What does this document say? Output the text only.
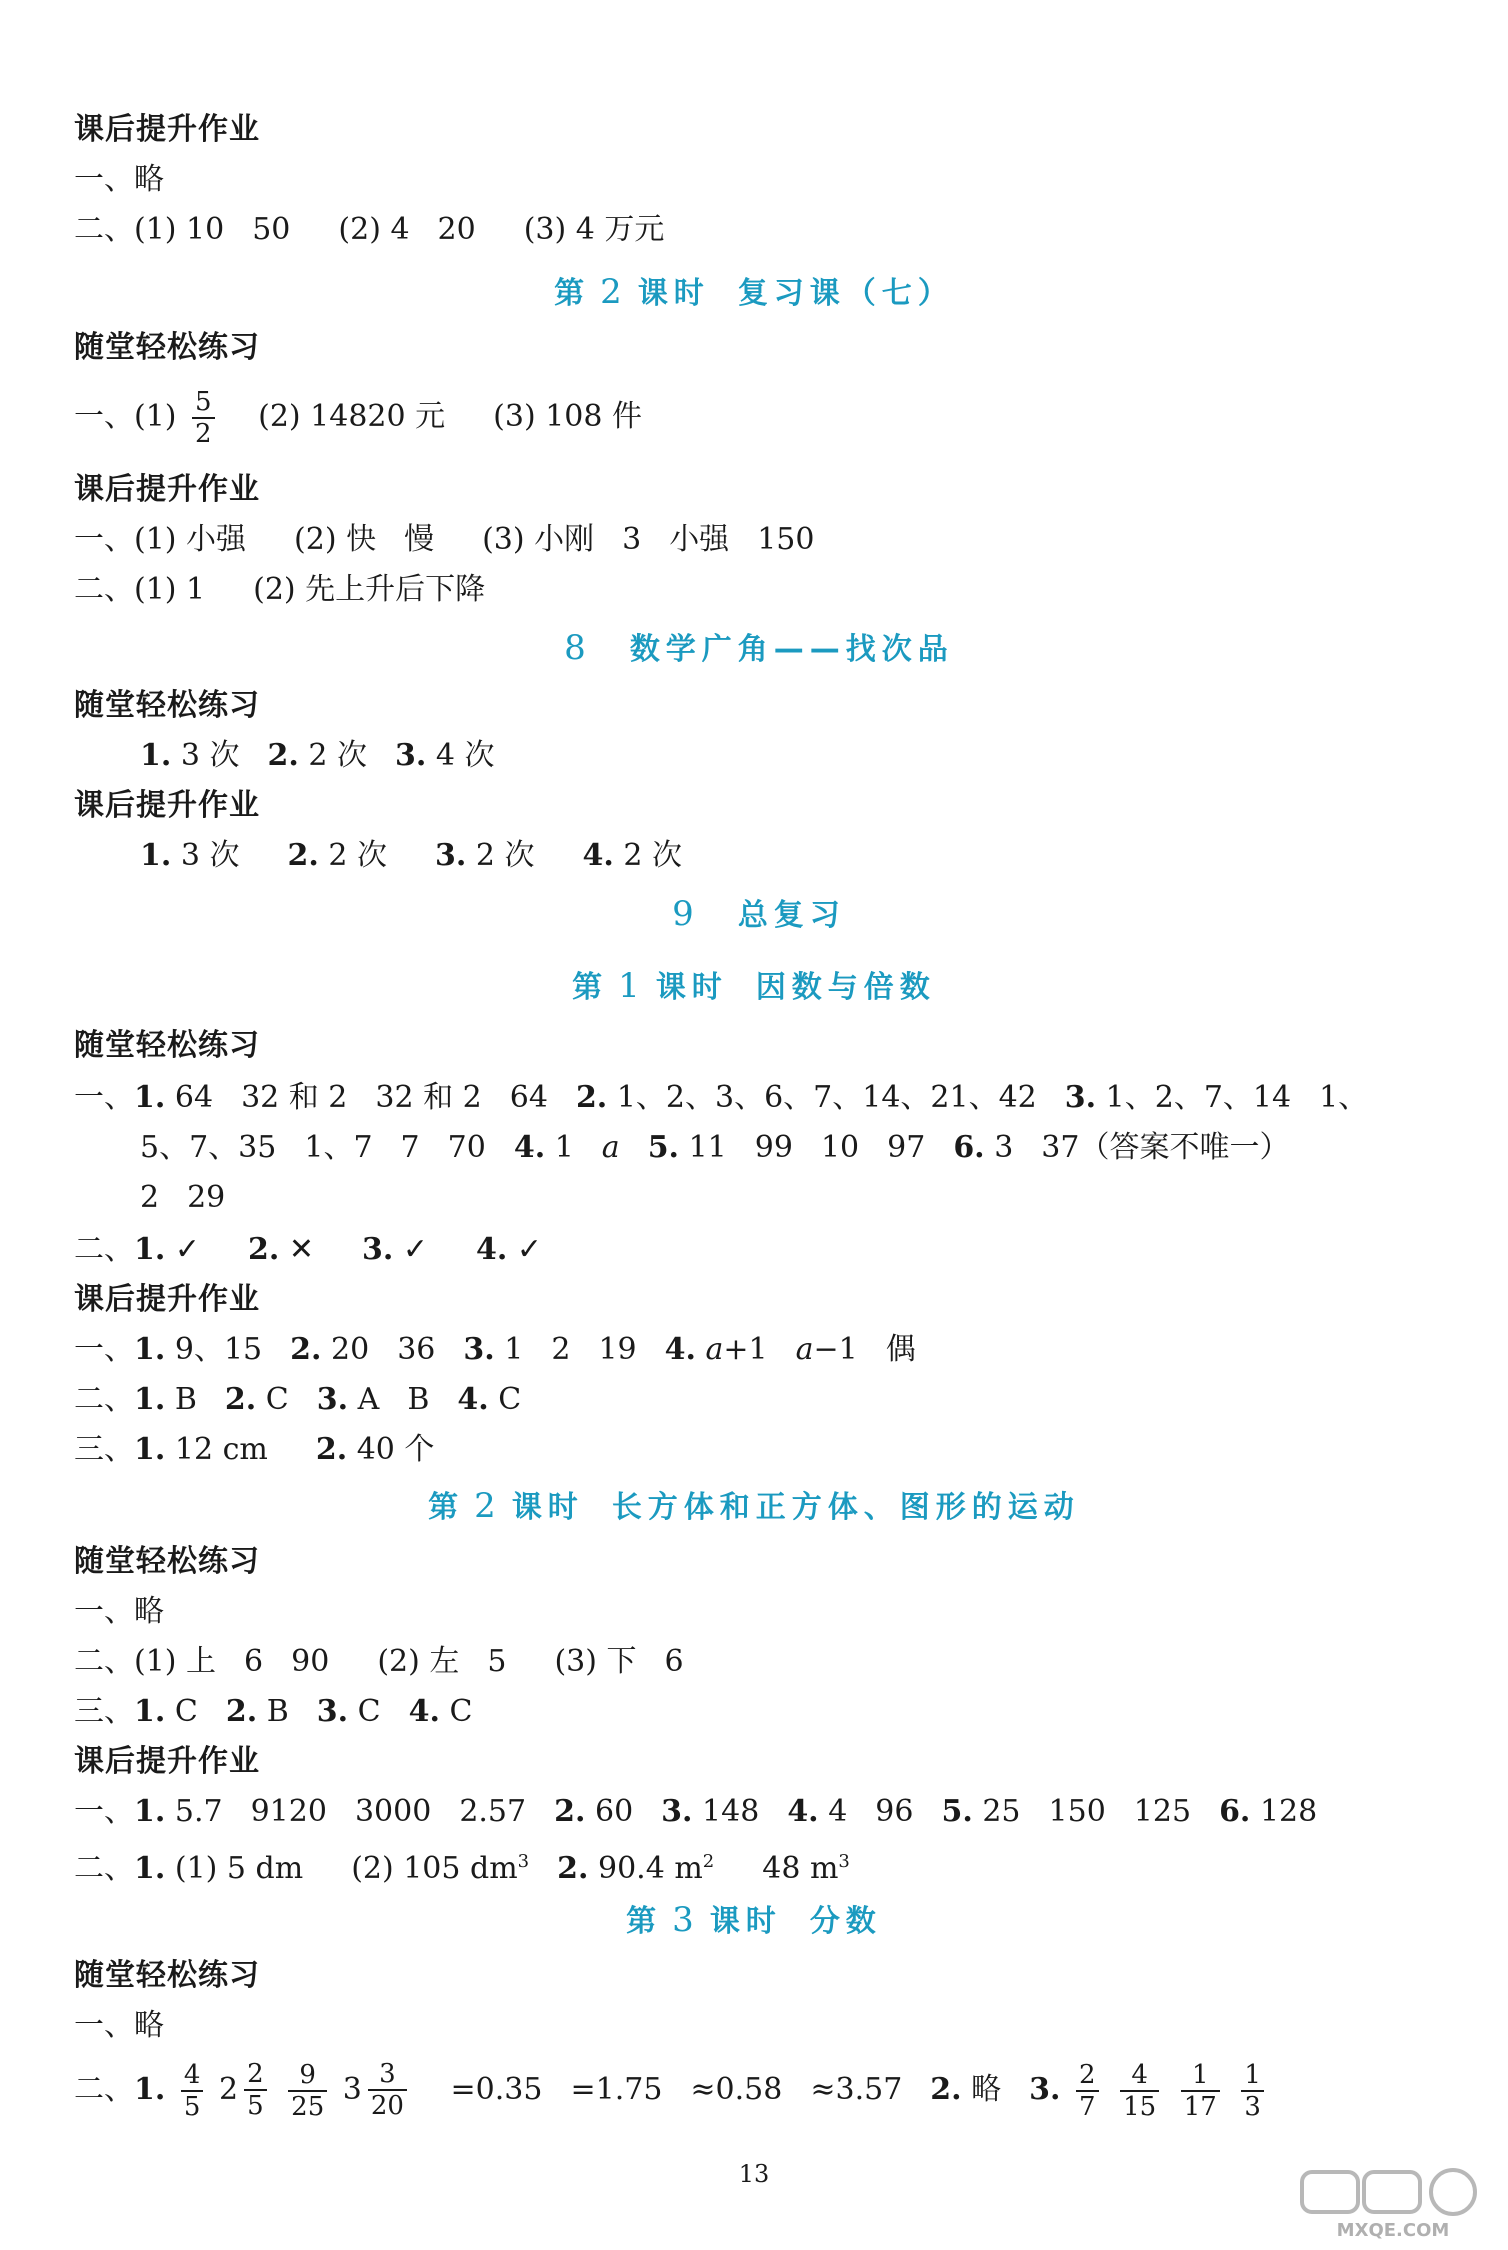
课后提升作业
一、略
二、(1) 10 50 (2) 4 20 (3) 4 万元
第 2 课时 复习课（七）
随堂轻松练习
一、$(1) \frac{5}{2} (2)$ 14820 元 (3) 108 件
课后提升作业
一、(1) 小强 (2) 快 慢 (3) 小刚 3 小强 150
二、(1) 1 (2) 先上升后下降
8 数学广角——找次品
随堂轻松练习
1. 3 次 2. 2 次 3. 4 次
课后提升作业
1. 3 次 2. 2 次 3. 2 次 4. 2 次
9 总复习
第 1 课时 因数与倍数
随堂轻松练习
一、1. 64 32 和 2 32 和 2 64 2. 1、2、3、6、7、14、21、42 3. 1、2、7、14 1、
5、7、35 1、7 7 70 4. 1 a 5. 11 99 10 97 6. 3 37（答案不唯一）
2 29
二、1. ✓ 2. ✕ 3. ✓ 4. ✓
课后提升作业
一、1. 9、15 2. 20 36 3. 1 2 19 4. a+1 a−1 偶
二、1. B 2. C 3. A B 4. C
三、1. 12 cm 2. 40 个
第 2 课时 长方体和正方体、图形的运动
随堂轻松练习
一、略
二、(1) 上 6 90 (2) 左 5 (3) 下 6
三、1. C 2. B 3. C 4. C
课后提升作业
一、1. 5.7 9120 3000 2.57 2. 60 3. 148 4. 4 96 5. 25 150 125 6. 128
二、1. (1) 5 dm (2) 105 $dm^3$ 2. 90.4 $m^2$ 48 $m^3$
第 3 课时 分数
随堂轻松练习
一、略
二、1. $\frac{4}{5}$
$2 \frac{2}{5}$
$\frac{9}{25}$
$3 \frac{3}{20} =0.35 =1.75 \approx 0.58 \approx 3.57$ 2. 略 3. $\frac{2}{7}$
$\frac{4}{15}$
$\frac{1}{17}$
$\frac{1}{3}$
13
MXQE.COM
